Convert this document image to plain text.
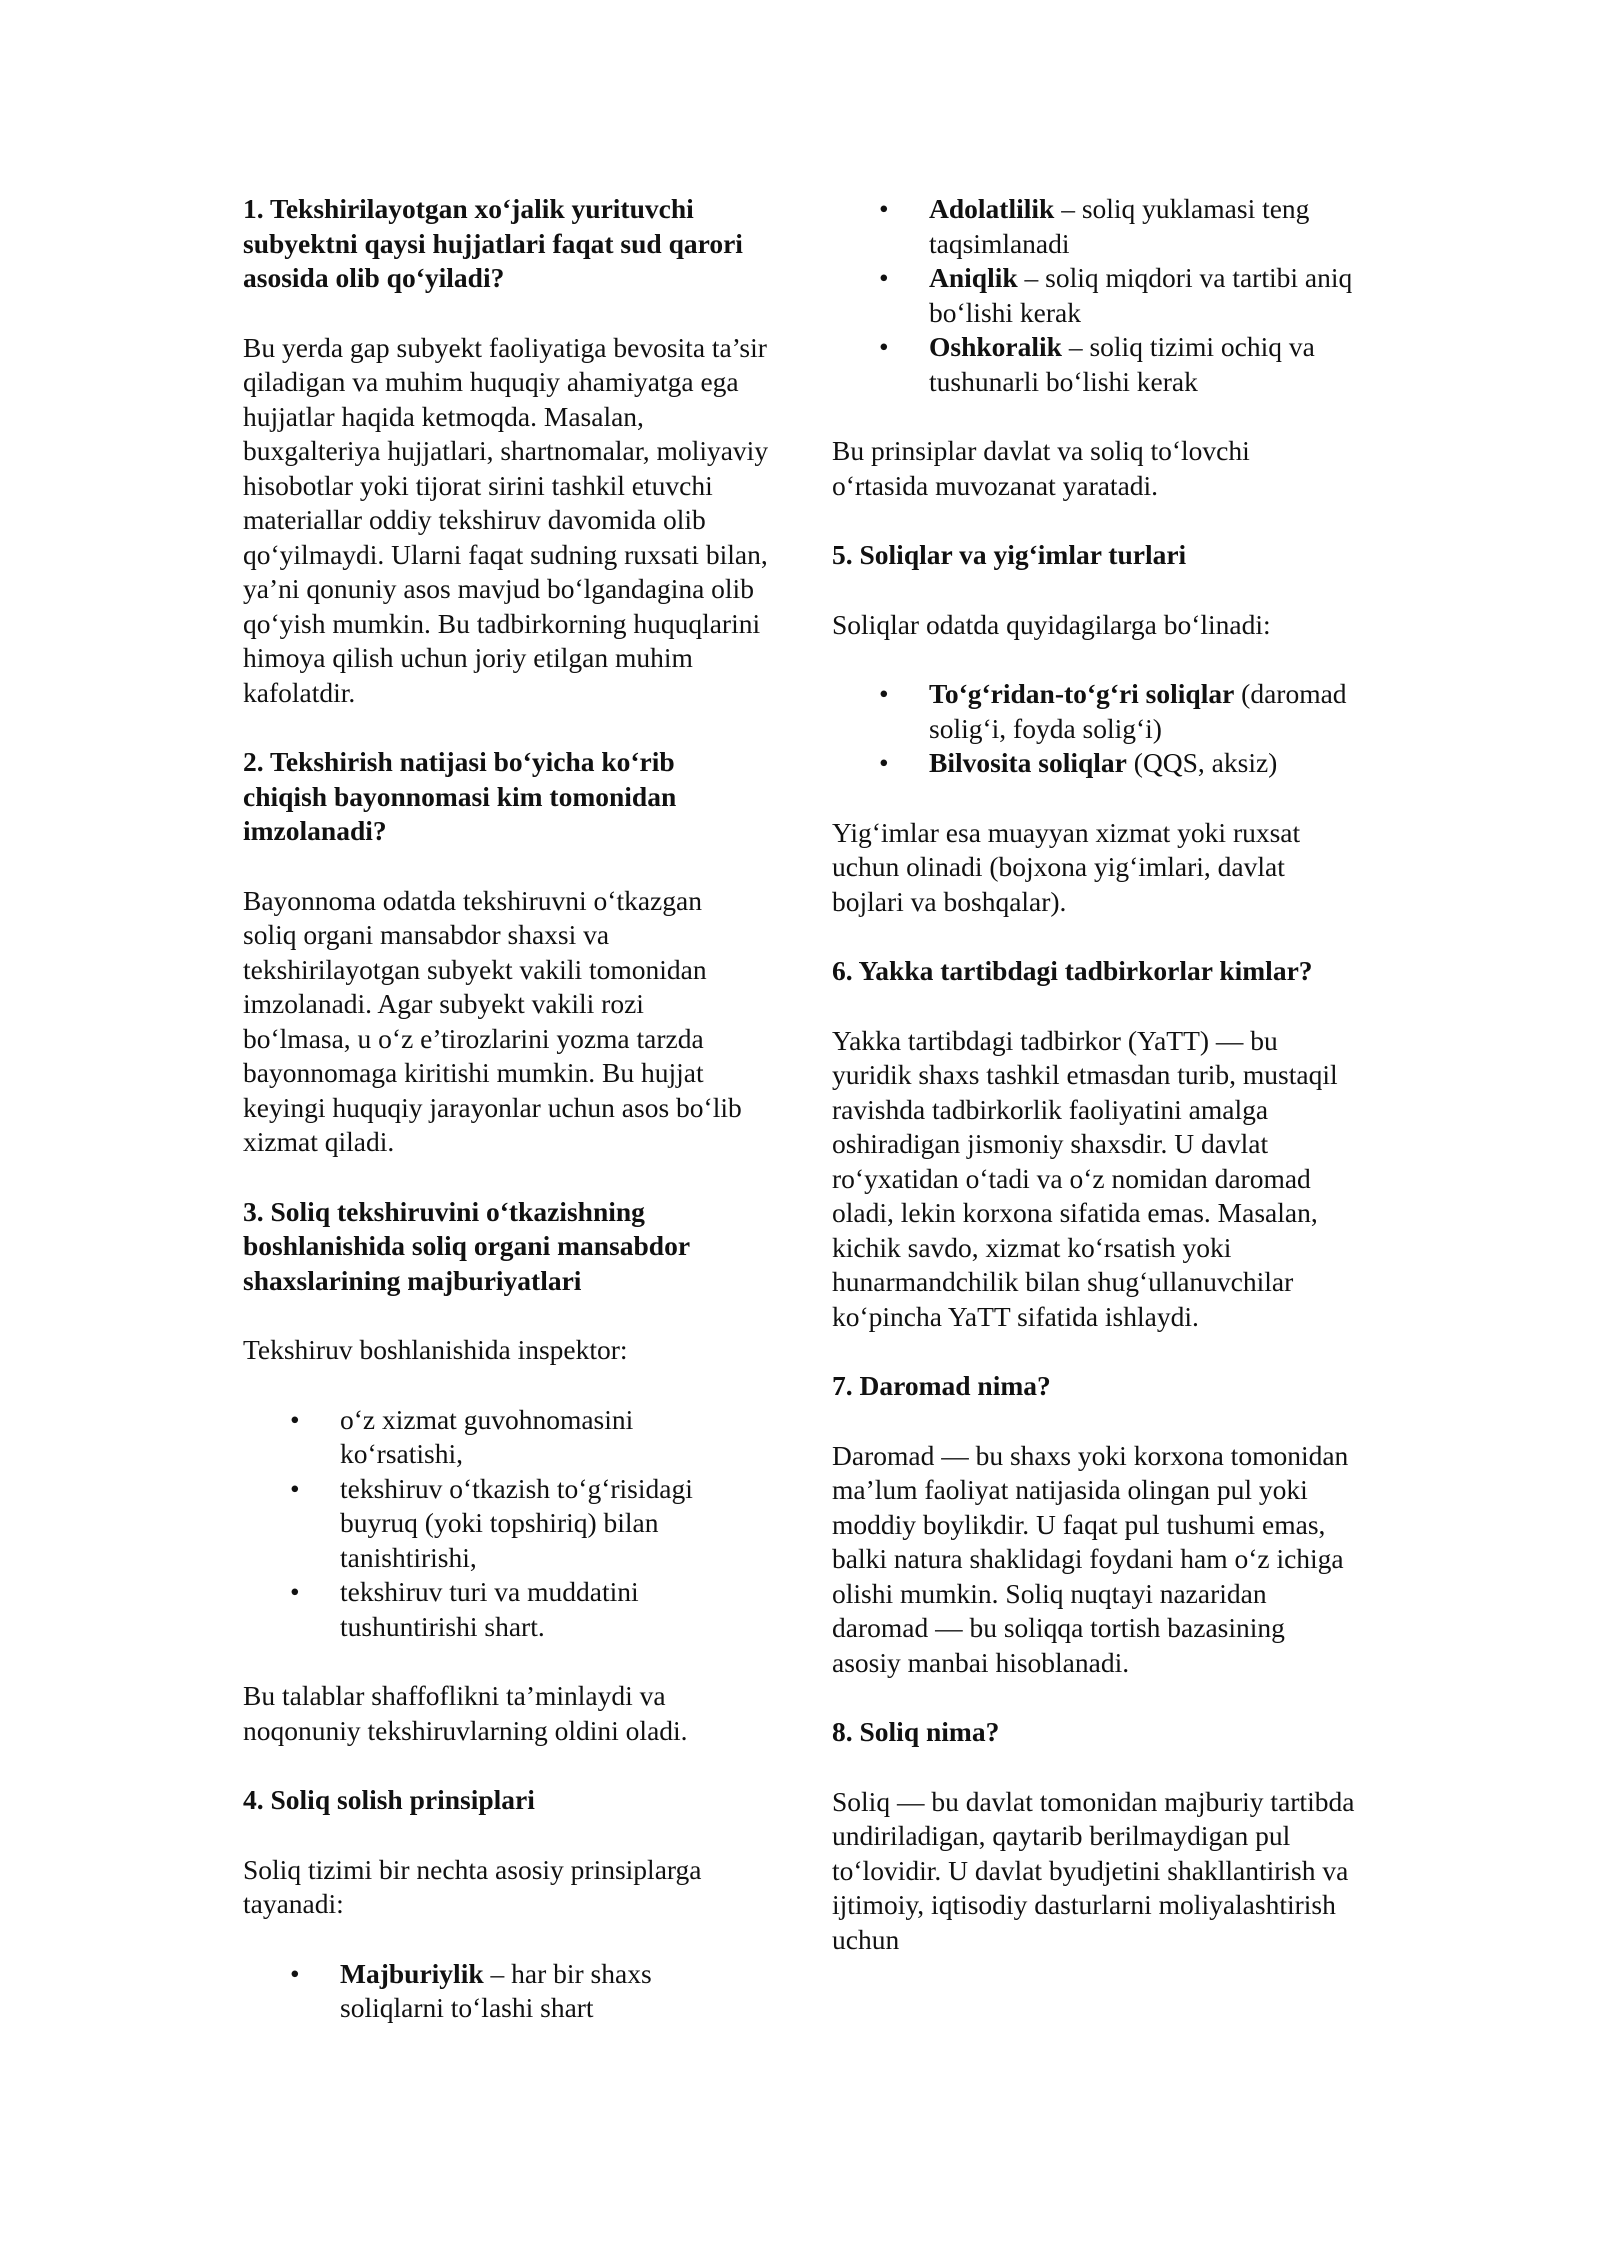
1. Tekshirilayotgan xo‘jalik yurituvchi subyektni qaysi hujjatlari faqat sud qarori asosida olib qo‘yiladi?

Bu yerda gap subyekt faoliyatiga bevosita ta’sir qiladigan va muhim huquqiy ahamiyatga ega hujjatlar haqida ketmoqda. Masalan, buxgalteriya hujjatlari, shartnomalar, moliyaviy hisobotlar yoki tijorat sirini tashkil etuvchi materiallar oddiy tekshiruv davomida olib qo‘yilmaydi. Ularni faqat sudning ruxsati bilan, ya’ni qonuniy asos mavjud bo‘lgandagina olib qo‘yish mumkin. Bu tadbirkorning huquqlarini himoya qilish uchun joriy etilgan muhim kafolatdir.

2. Tekshirish natijasi bo‘yicha ko‘rib chiqish bayonnomasi kim tomonidan imzolanadi?

Bayonnoma odatda tekshiruvni o‘tkazgan soliq organi mansabdor shaxsi va tekshirilayotgan subyekt vakili tomonidan imzolanadi. Agar subyekt vakili rozi bo‘lmasa, u o‘z e’tirozlarini yozma tarzda bayonnomaga kiritishi mumkin. Bu hujjat keyingi huquqiy jarayonlar uchun asos bo‘lib xizmat qiladi.

3. Soliq tekshiruvini o‘tkazishning boshlanishida soliq organi mansabdor shaxslarining majburiyatlari

Tekshiruv boshlanishida inspektor:

• o‘z xizmat guvohnomasini ko‘rsatishi,
• tekshiruv o‘tkazish to‘g‘risidagi buyruq (yoki topshiriq) bilan tanishtirishi,
• tekshiruv turi va muddatini tushuntirishi shart.

Bu talablar shaffoflikni ta’minlaydi va noqonuniy tekshiruvlarning oldini oladi.

4. Soliq solish prinsiplari

Soliq tizimi bir nechta asosiy prinsiplarga tayanadi:

• Majburiylik – har bir shaxs soliqlarni to‘lashi shart
• Adolatlilik – soliq yuklamasi teng taqsimlanadi
• Aniqlik – soliq miqdori va tartibi aniq bo‘lishi kerak
• Oshkoralik – soliq tizimi ochiq va tushunarli bo‘lishi kerak

Bu prinsiplar davlat va soliq to‘lovchi o‘rtasida muvozanat yaratadi.

5. Soliqlar va yig‘imlar turlari

Soliqlar odatda quyidagilarga bo‘linadi:

• To‘g‘ridan-to‘g‘ri soliqlar (daromad solig‘i, foyda solig‘i)
• Bilvosita soliqlar (QQS, aksiz)

Yig‘imlar esa muayyan xizmat yoki ruxsat uchun olinadi (bojxona yig‘imlari, davlat bojlari va boshqalar).

6. Yakka tartibdagi tadbirkorlar kimlar?

Yakka tartibdagi tadbirkor (YaTT) — bu yuridik shaxs tashkil etmasdan turib, mustaqil ravishda tadbirkorlik faoliyatini amalga oshiradigan jismoniy shaxsdir. U davlat ro‘yxatidan o‘tadi va o‘z nomidan daromad oladi, lekin korxona sifatida emas. Masalan, kichik savdo, xizmat ko‘rsatish yoki hunarmandchilik bilan shug‘ullanuvchilar ko‘pincha YaTT sifatida ishlaydi.

7. Daromad nima?

Daromad — bu shaxs yoki korxona tomonidan ma’lum faoliyat natijasida olingan pul yoki moddiy boylikdir. U faqat pul tushumi emas, balki natura shaklidagi foydani ham o‘z ichiga olishi mumkin. Soliq nuqtayi nazaridan daromad — bu soliqqa tortish bazasining asosiy manbai hisoblanadi.

8. Soliq nima?

Soliq — bu davlat tomonidan majburiy tartibda undiriladigan, qaytarib berilmaydigan pul to‘lovidir. U davlat byudjetini shakllantirish va ijtimoiy, iqtisodiy dasturlarni moliyalashtirish uchun
